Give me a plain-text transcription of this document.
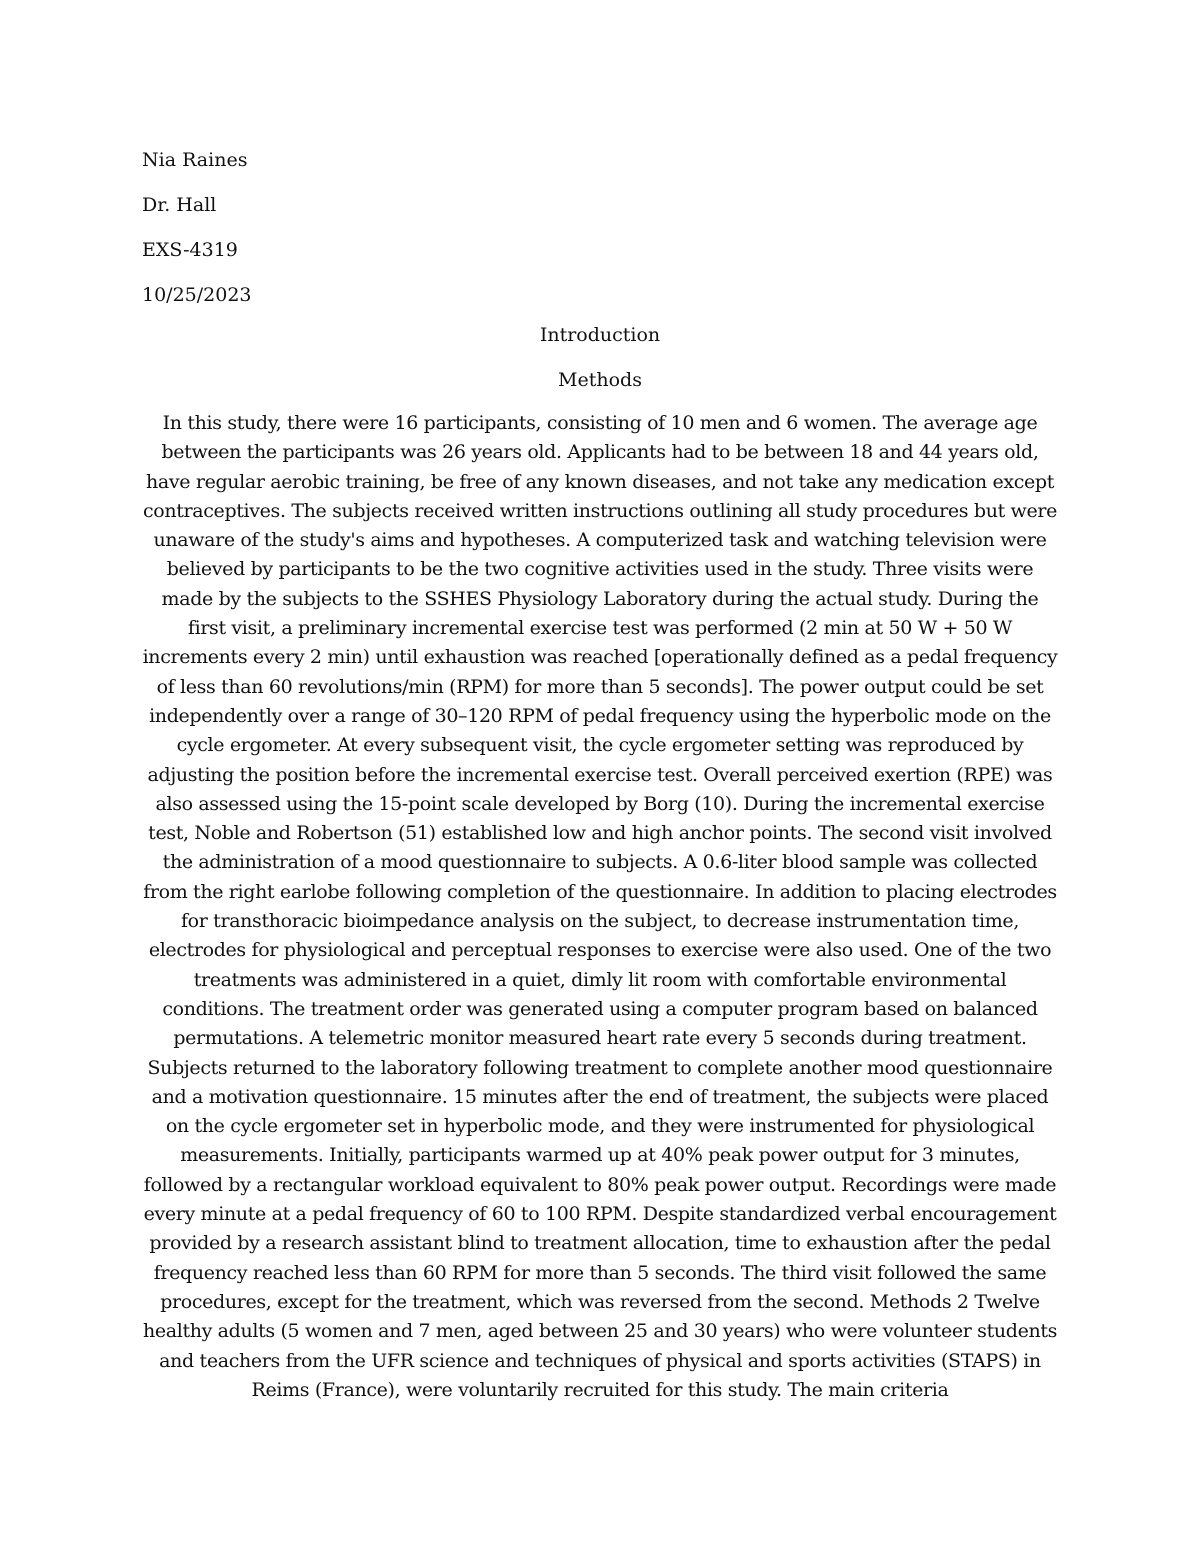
Nia Raines
Dr. Hall
EXS-4319
10/25/2023
Introduction
Methods
In this study, there were 16 participants, consisting of 10 men and 6 women. The average age between the participants was 26 years old. Applicants had to be between 18 and 44 years old, have regular aerobic training, be free of any known diseases, and not take any medication except contraceptives. The subjects received written instructions outlining all study procedures but were unaware of the study's aims and hypotheses. A computerized task and watching television were believed by participants to be the two cognitive activities used in the study. Three visits were made by the subjects to the SSHES Physiology Laboratory during the actual study. During the first visit, a preliminary incremental exercise test was performed (2 min at 50 W + 50 W increments every 2 min) until exhaustion was reached [operationally defined as a pedal frequency of less than 60 revolutions/min (RPM) for more than 5 seconds]. The power output could be set independently over a range of 30–120 RPM of pedal frequency using the hyperbolic mode on the cycle ergometer. At every subsequent visit, the cycle ergometer setting was reproduced by adjusting the position before the incremental exercise test. Overall perceived exertion (RPE) was also assessed using the 15-point scale developed by Borg (10). During the incremental exercise test, Noble and Robertson (51) established low and high anchor points. The second visit involved the administration of a mood questionnaire to subjects. A 0.6-liter blood sample was collected from the right earlobe following completion of the questionnaire. In addition to placing electrodes for transthoracic bioimpedance analysis on the subject, to decrease instrumentation time, electrodes for physiological and perceptual responses to exercise were also used. One of the two treatments was administered in a quiet, dimly lit room with comfortable environmental conditions. The treatment order was generated using a computer program based on balanced permutations. A telemetric monitor measured heart rate every 5 seconds during treatment. Subjects returned to the laboratory following treatment to complete another mood questionnaire and a motivation questionnaire. 15 minutes after the end of treatment, the subjects were placed on the cycle ergometer set in hyperbolic mode, and they were instrumented for physiological measurements. Initially, participants warmed up at 40% peak power output for 3 minutes, followed by a rectangular workload equivalent to 80% peak power output. Recordings were made every minute at a pedal frequency of 60 to 100 RPM. Despite standardized verbal encouragement provided by a research assistant blind to treatment allocation, time to exhaustion after the pedal frequency reached less than 60 RPM for more than 5 seconds. The third visit followed the same procedures, except for the treatment, which was reversed from the second. Methods 2 Twelve healthy adults (5 women and 7 men, aged between 25 and 30 years) who were volunteer students and teachers from the UFR science and techniques of physical and sports activities (STAPS) in Reims (France), were voluntarily recruited for this study. The main criteria
